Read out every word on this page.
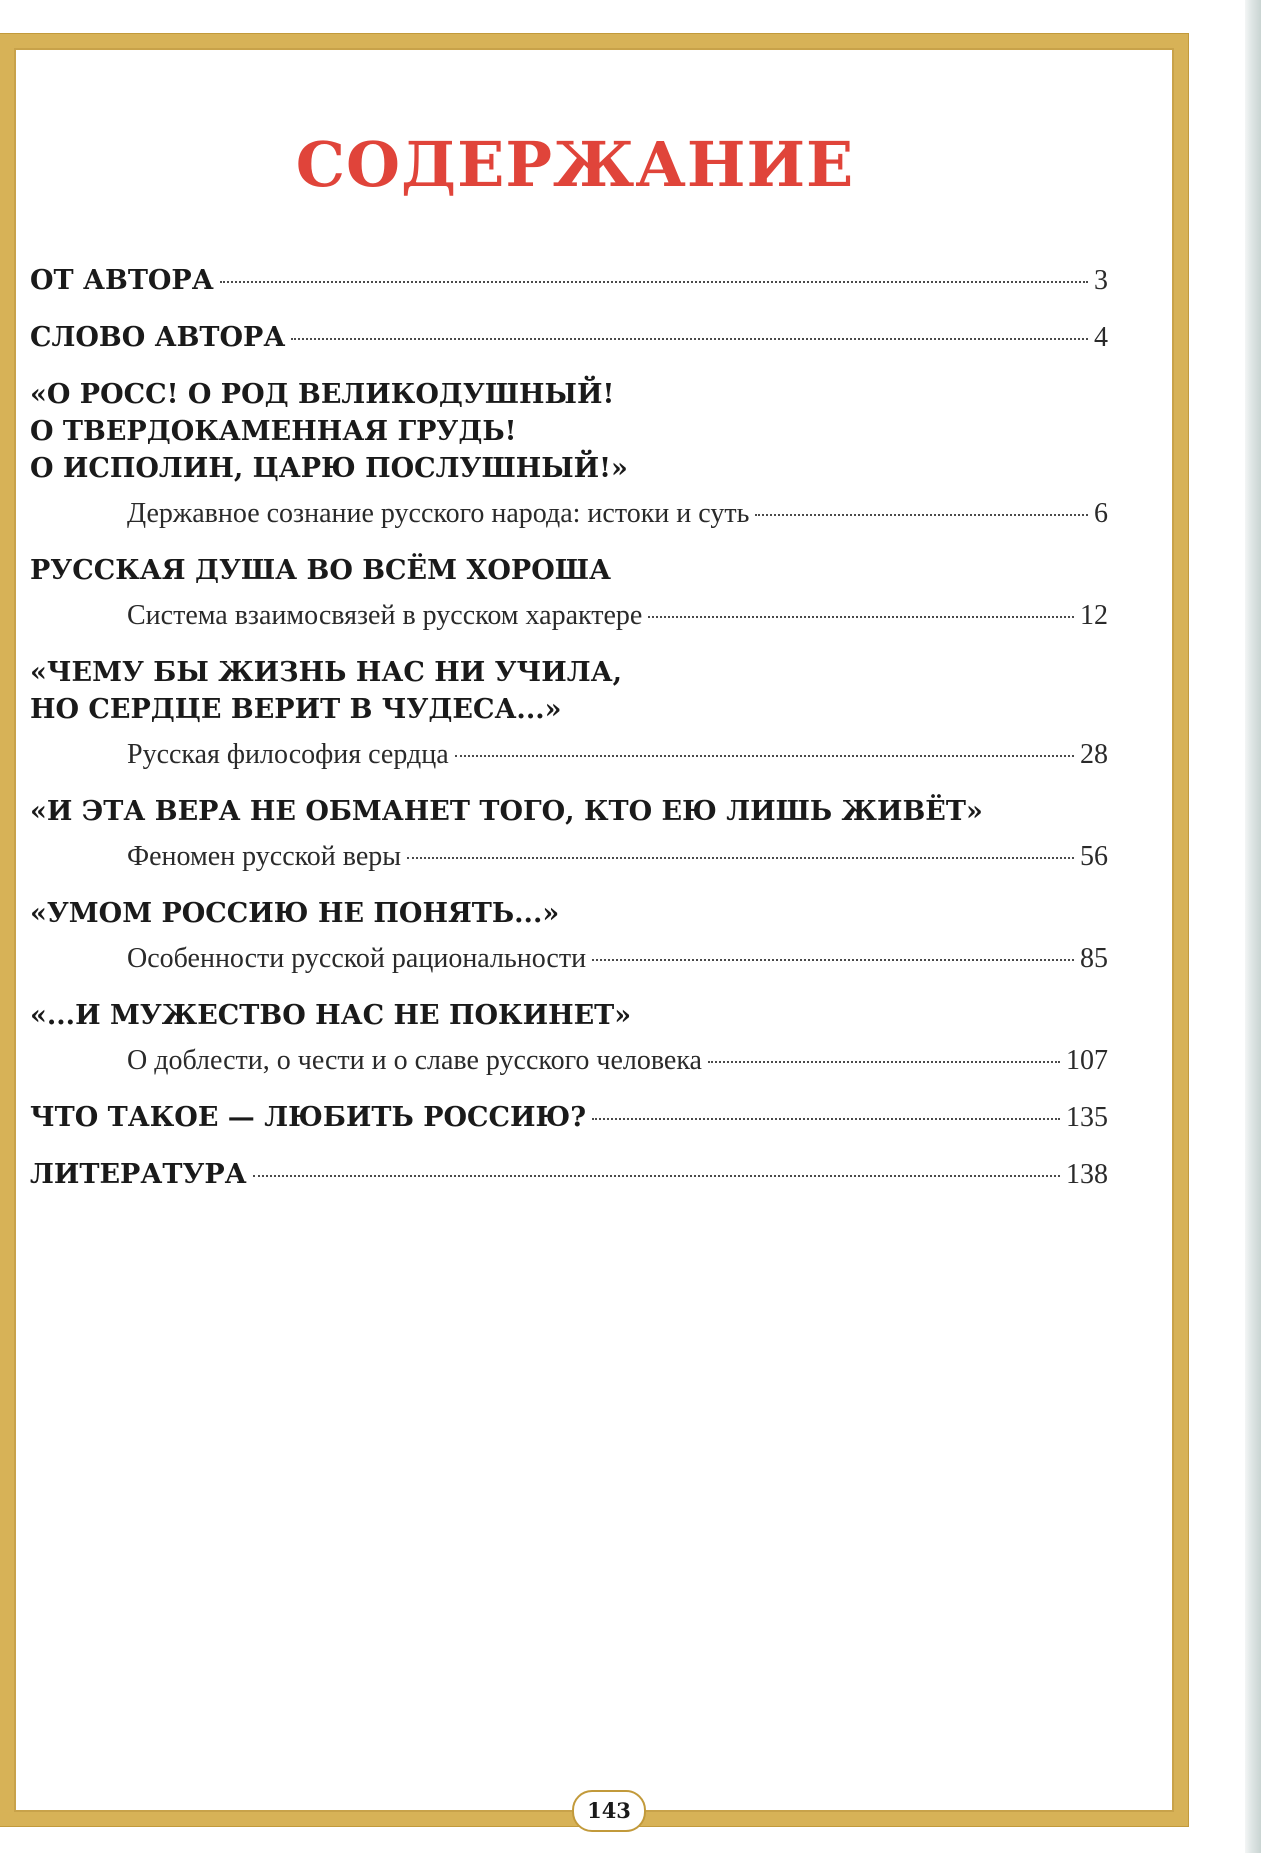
СОДЕРЖАНИЕ
ОТ АВТОРА	3
СЛОВО АВТОРА	4
«О РОСС! О РОД ВЕЛИКОДУШНЫЙ!
О ТВЕРДОКАМЕННАЯ ГРУДЬ!
О ИСПОЛИН, ЦАРЮ ПОСЛУШНЫЙ!»
Державное сознание русского народа: истоки и суть	6
РУССКАЯ ДУША ВО ВСЁМ ХОРОША
Система взаимосвязей в русском характере	12
«ЧЕМУ БЫ ЖИЗНЬ НАС НИ УЧИЛА,
НО СЕРДЦЕ ВЕРИТ В ЧУДЕСА...»
Русская философия сердца	28
«И ЭТА ВЕРА НЕ ОБМАНЕТ ТОГО, КТО ЕЮ ЛИШЬ ЖИВЁТ»
Феномен русской веры	56
«УМОМ РОССИЮ НЕ ПОНЯТЬ...»
Особенности русской рациональности	85
«...И МУЖЕСТВО НАС НЕ ПОКИНЕТ»
О доблести, о чести и о славе русского человека	107
ЧТО ТАКОЕ — ЛЮБИТЬ РОССИЮ?	135
ЛИТЕРАТУРА	138
143
